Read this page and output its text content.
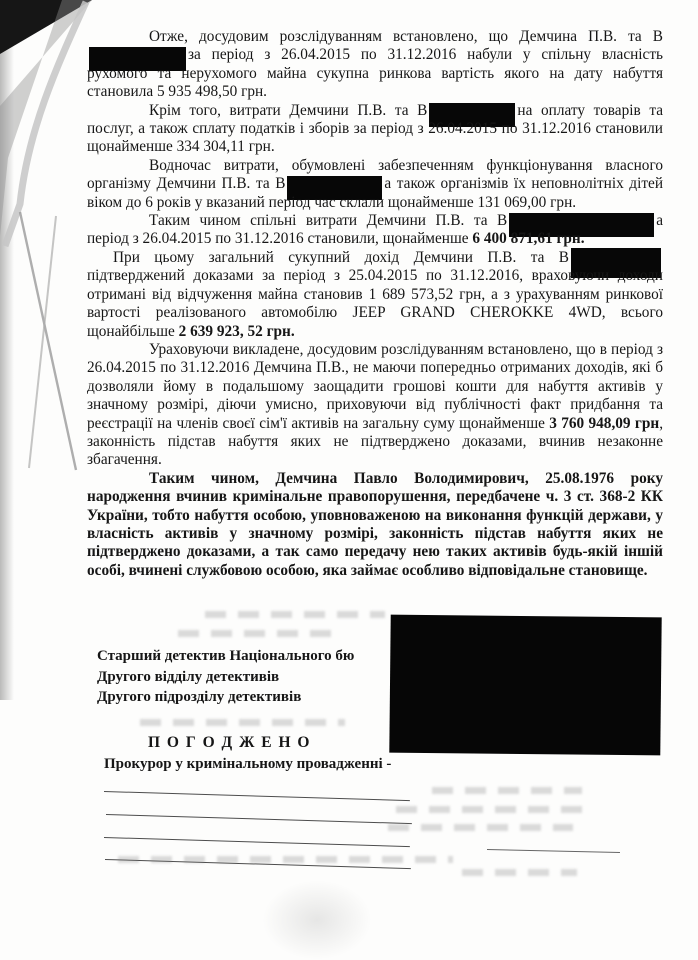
Отже, досудовим розслідуванням встановлено, що Демчина П.В. та Вза період з 26.04.2015 по 31.12.2016 набули у спільну власність рухомого та нерухомого майна сукупна ринкова вартість якого на дату набуття становила 5 935 498,50 грн.

Крім того, витрати Демчини П.В. та В	на оплату товарів та послуг, а також сплату податків і зборів за період з 26.04.2015 по 31.12.2016 становили щонайменше 334 304,11 грн.

Водночас витрати, обумовлені забезпеченням функціонування власного організму Демчини П.В. та В	а також організмів їх неповнолітніх дітей віком до 6 років у вказаний період час склали щонайменше 131 069,00 грн.

Таким чином спільні витрати Демчини П.В. та В	а період з 26.04.2015 по 31.12.2016 становили, щонайменше 6 400 871,61 грн.

При цьому загальний сукупний дохід Демчини П.В. та Впідтверджений доказами за період з 25.04.2015 по 31.12.2016, враховуючи доходи отримані від відчуження майна становив 1 689 573,52 грн, а з урахуванням ринкової вартості реалізованого автомобілю JEEP GRAND CHEROKKE 4WD, всього щонайбільше 2 639 923, 52 грн.

Ураховуючи викладене, досудовим розслідуванням встановлено, що в період з 26.04.2015 по 31.12.2016 Демчина П.В., не маючи попередньо отриманих доходів, які б дозволяли йому в подальшому заощадити грошові кошти для набуття активів у значному розмірі, діючи умисно, приховуючи від публічності факт придбання та реєстрації на членів своєї сім'ї активів на загальну суму щонайменше 3 760 948,09 грн, законність підстав набуття яких не підтверджено доказами, вчинив незаконне збагачення.

Таким чином, Демчина Павло Володимирович, 25.08.1976 року народження вчинив кримінальне правопорушення, передбачене ч. 3 ст. 368-2 КК України, тобто набуття особою, уповноваженою на виконання функцій держави, у власність активів у значному розмірі, законність підстав набуття яких не підтверджено доказами, а так само передачу нею таких активів будь-якій іншій особі, вчинені службовою особою, яка займає особливо відповідальне становище.

Старший детектив Національного бю
Другого відділу детективів
Другого підрозділу детективів
П О Г О Д Ж Е Н О
Прокурор у кримінальному провадженні -
